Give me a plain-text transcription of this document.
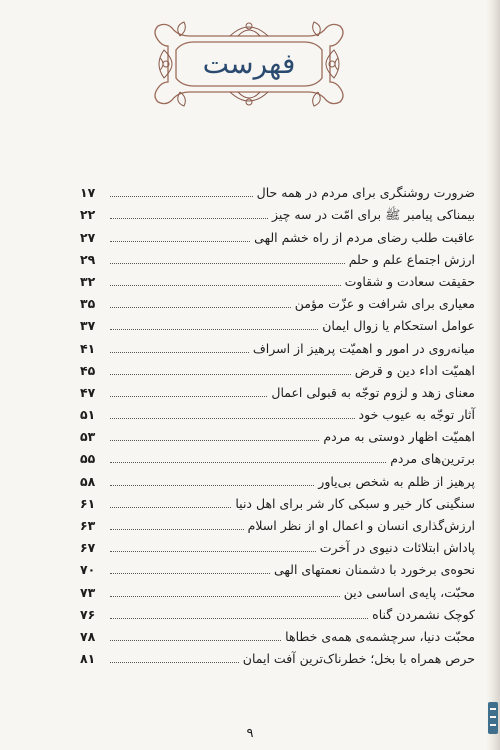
فهرست
ضرورت روشنگری برای مردم در همه حال
۱۷
بیمناکی پیامبر ﷺ برای امّت در سه چیز
۲۲
عاقبت طلب رضای مردم از راه خشم الهی
۲۷
ارزش اجتماع علم و حلم
۲۹
حقیقت سعادت و شقاوت
۳۲
معیاری برای شرافت و عزّت مؤمن
۳۵
عوامل استحکام یا زوال ایمان
۳۷
میانه‌روی در امور و اهمیّت پرهیز از اسراف
۴۱
اهمیّت اداء دین و قرض
۴۵
معنای زهد و لزوم توجّه به قبولی اعمال
۴۷
آثار توجّه به عیوب خود
۵۱
اهمیّت اظهار دوستی به مردم
۵۳
برترین‌های مردم
۵۵
پرهیز از ظلم به شخص بی‌یاور
۵۸
سنگینی کار خیر و سبکی کار شر برای اهل دنیا
۶۱
ارزش‌گذاری انسان و اعمال او از نظر اسلام
۶۳
پاداش ابتلائات دنیوی در آخرت
۶۷
نحوه‌ی برخورد با دشمنان نعمتهای الهی
۷۰
محبّت، پایه‌ی اساسی دین
۷۳
کوچک نشمردن گناه
۷۶
محبّت دنیا، سرچشمه‌ی همه‌ی خطاها
۷۸
حرص همراه با بخل؛ خطرناک‌ترین آفت ایمان
۸۱
۹
